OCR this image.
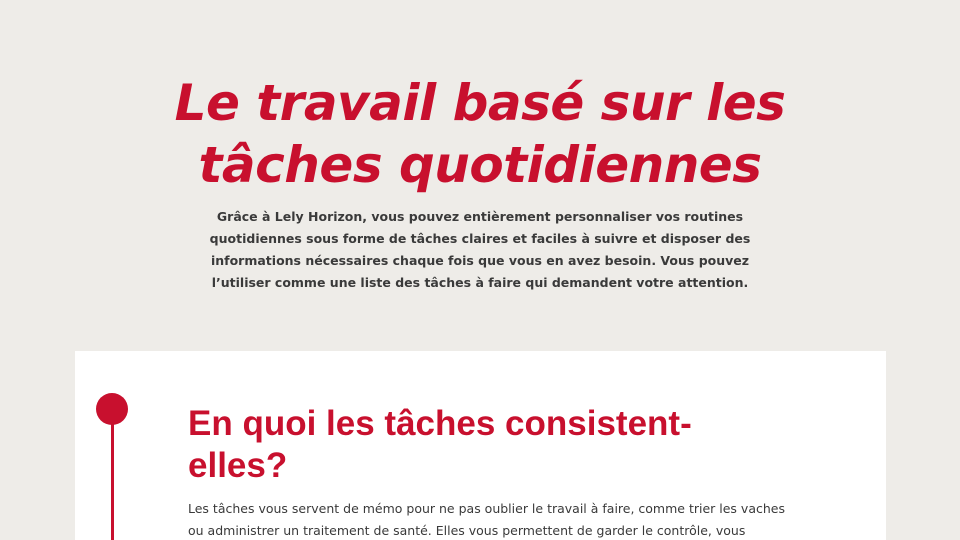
Le travail basé sur les tâches quotidiennes

Grâce à Lely Horizon, vous pouvez entièrement personnaliser vos routines quotidiennes sous forme de tâches claires et faciles à suivre et disposer des informations nécessaires chaque fois que vous en avez besoin. Vous pouvez l’utiliser comme une liste des tâches à faire qui demandent votre attention.

En quoi les tâches consistent-elles?

Les tâches vous servent de mémo pour ne pas oublier le travail à faire, comme trier les vaches ou administrer un traitement de santé. Elles vous permettent de garder le contrôle, vous
